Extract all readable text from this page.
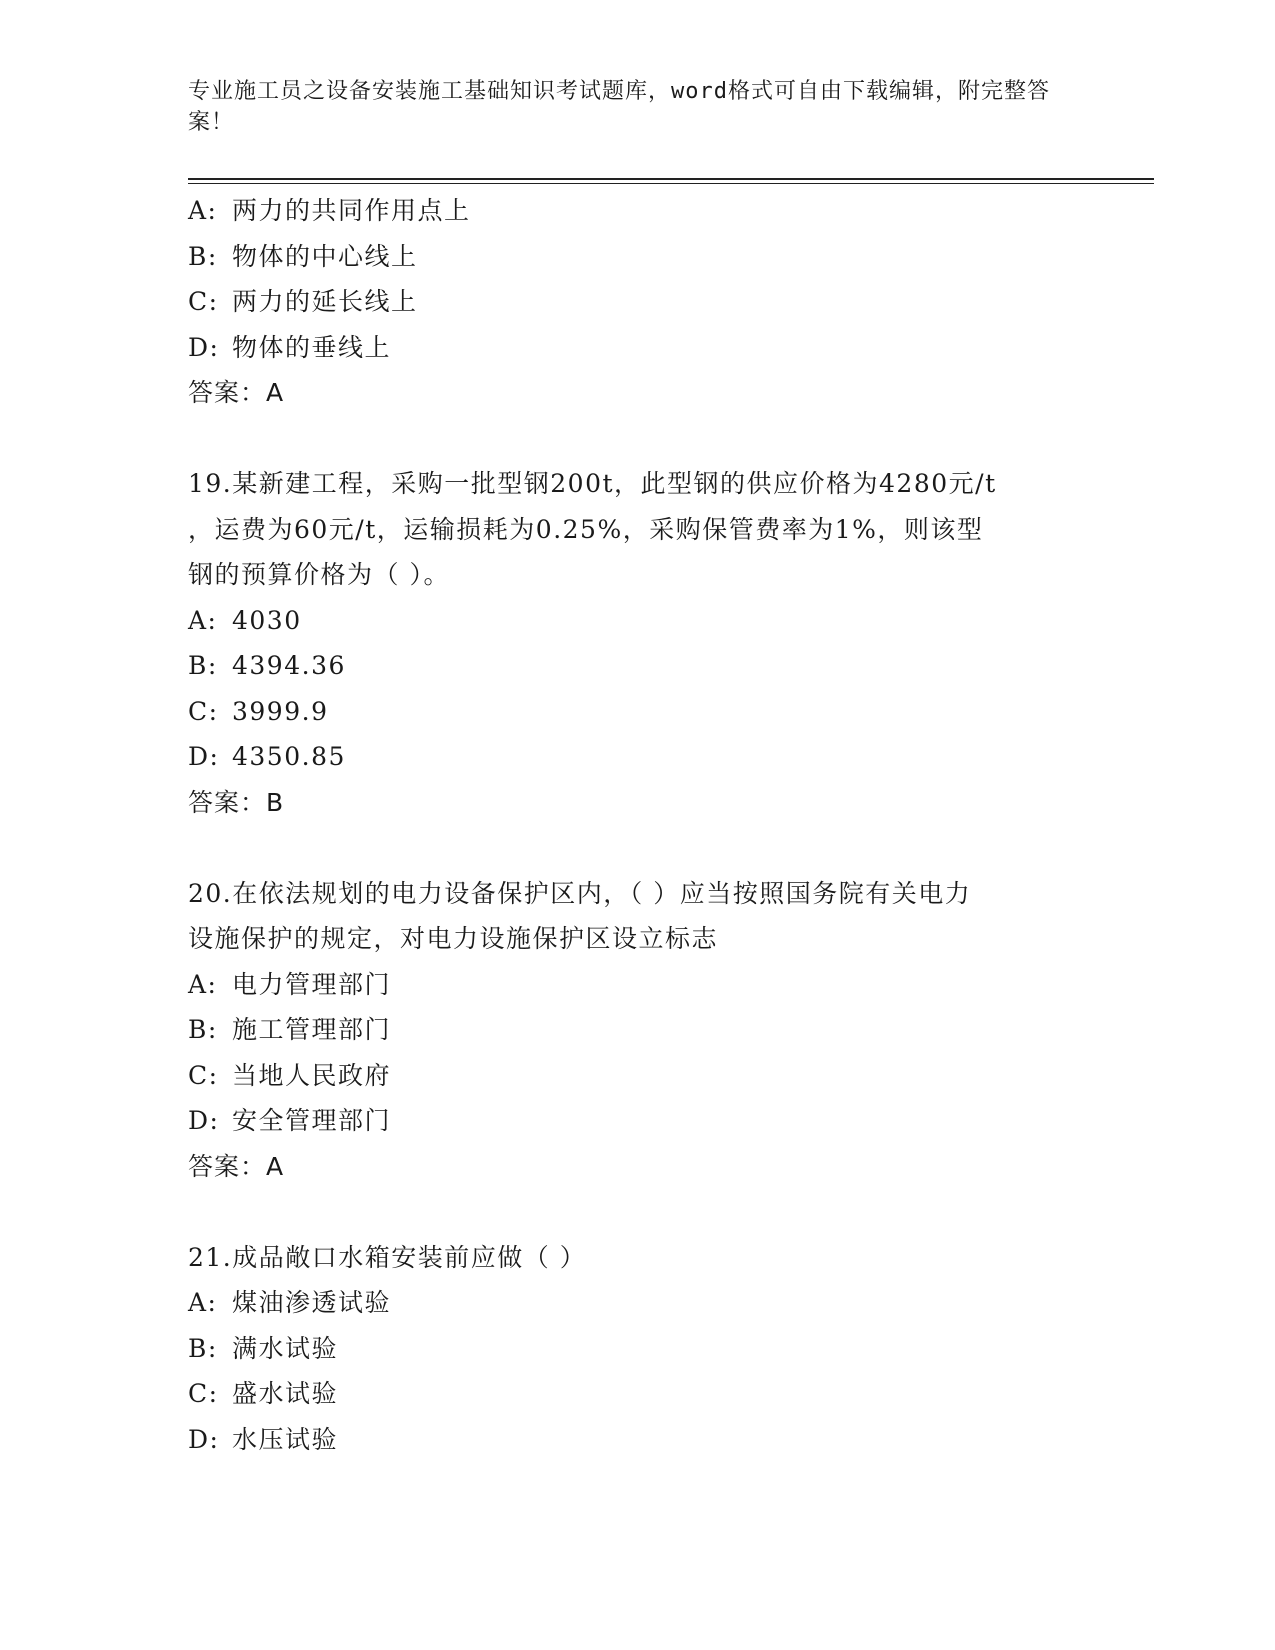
专业施工员之设备安装施工基础知识考试题库，word格式可自由下载编辑，附完整答案！
A: 两力的共同作用点上
B: 物体的中心线上
C: 两力的延长线上
D: 物体的垂线上
答案：A
19.某新建工程，采购一批型钢200t，此型钢的供应价格为4280元/t
，运费为60元/t，运输损耗为0.25%，采购保管费率为1%，则该型
钢的预算价格为（ ）。
A: 4030
B: 4394.36
C: 3999.9
D: 4350.85
答案：B
20.在依法规划的电力设备保护区内，（ ）应当按照国务院有关电力
设施保护的规定，对电力设施保护区设立标志
A: 电力管理部门
B: 施工管理部门
C: 当地人民政府
D: 安全管理部门
答案：A
21.成品敞口水箱安装前应做（ ）
A: 煤油渗透试验
B: 满水试验
C: 盛水试验
D: 水压试验
